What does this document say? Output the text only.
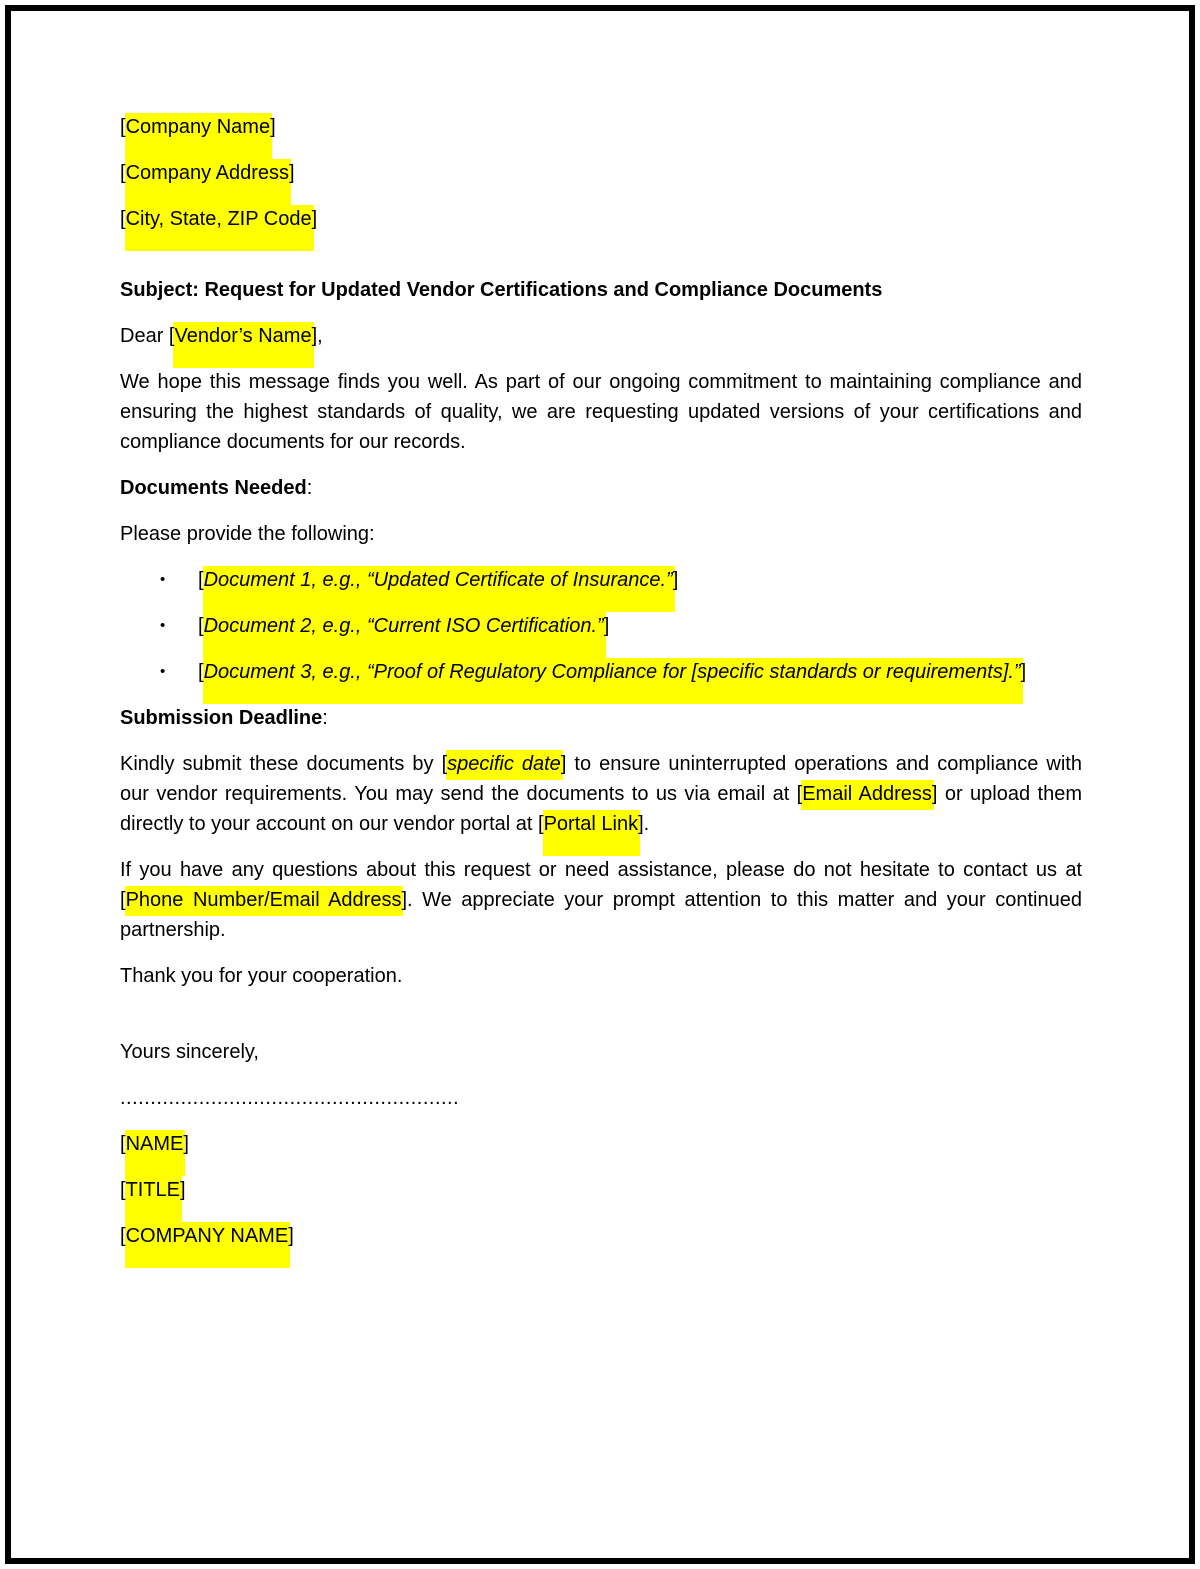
[Company Name]

[Company Address]

[City, State, ZIP Code]

Subject: Request for Updated Vendor Certifications and Compliance Documents

Dear [Vendor’s Name],

We hope this message finds you well. As part of our ongoing commitment to maintaining compliance and ensuring the highest standards of quality, we are requesting updated versions of your certifications and compliance documents for our records.

Documents Needed:

Please provide the following:

• [Document 1, e.g., “Updated Certificate of Insurance.”]
• [Document 2, e.g., “Current ISO Certification.”]
• [Document 3, e.g., “Proof of Regulatory Compliance for [specific standards or requirements].”]

Submission Deadline:

Kindly submit these documents by [specific date] to ensure uninterrupted operations and compliance with our vendor requirements. You may send the documents to us via email at [Email Address] or upload them directly to your account on our vendor portal at [Portal Link].

If you have any questions about this request or need assistance, please do not hesitate to contact us at [Phone Number/Email Address]. We appreciate your prompt attention to this matter and your continued partnership.

Thank you for your cooperation.

Yours sincerely,

........................................................

[NAME]

[TITLE]

[COMPANY NAME]
